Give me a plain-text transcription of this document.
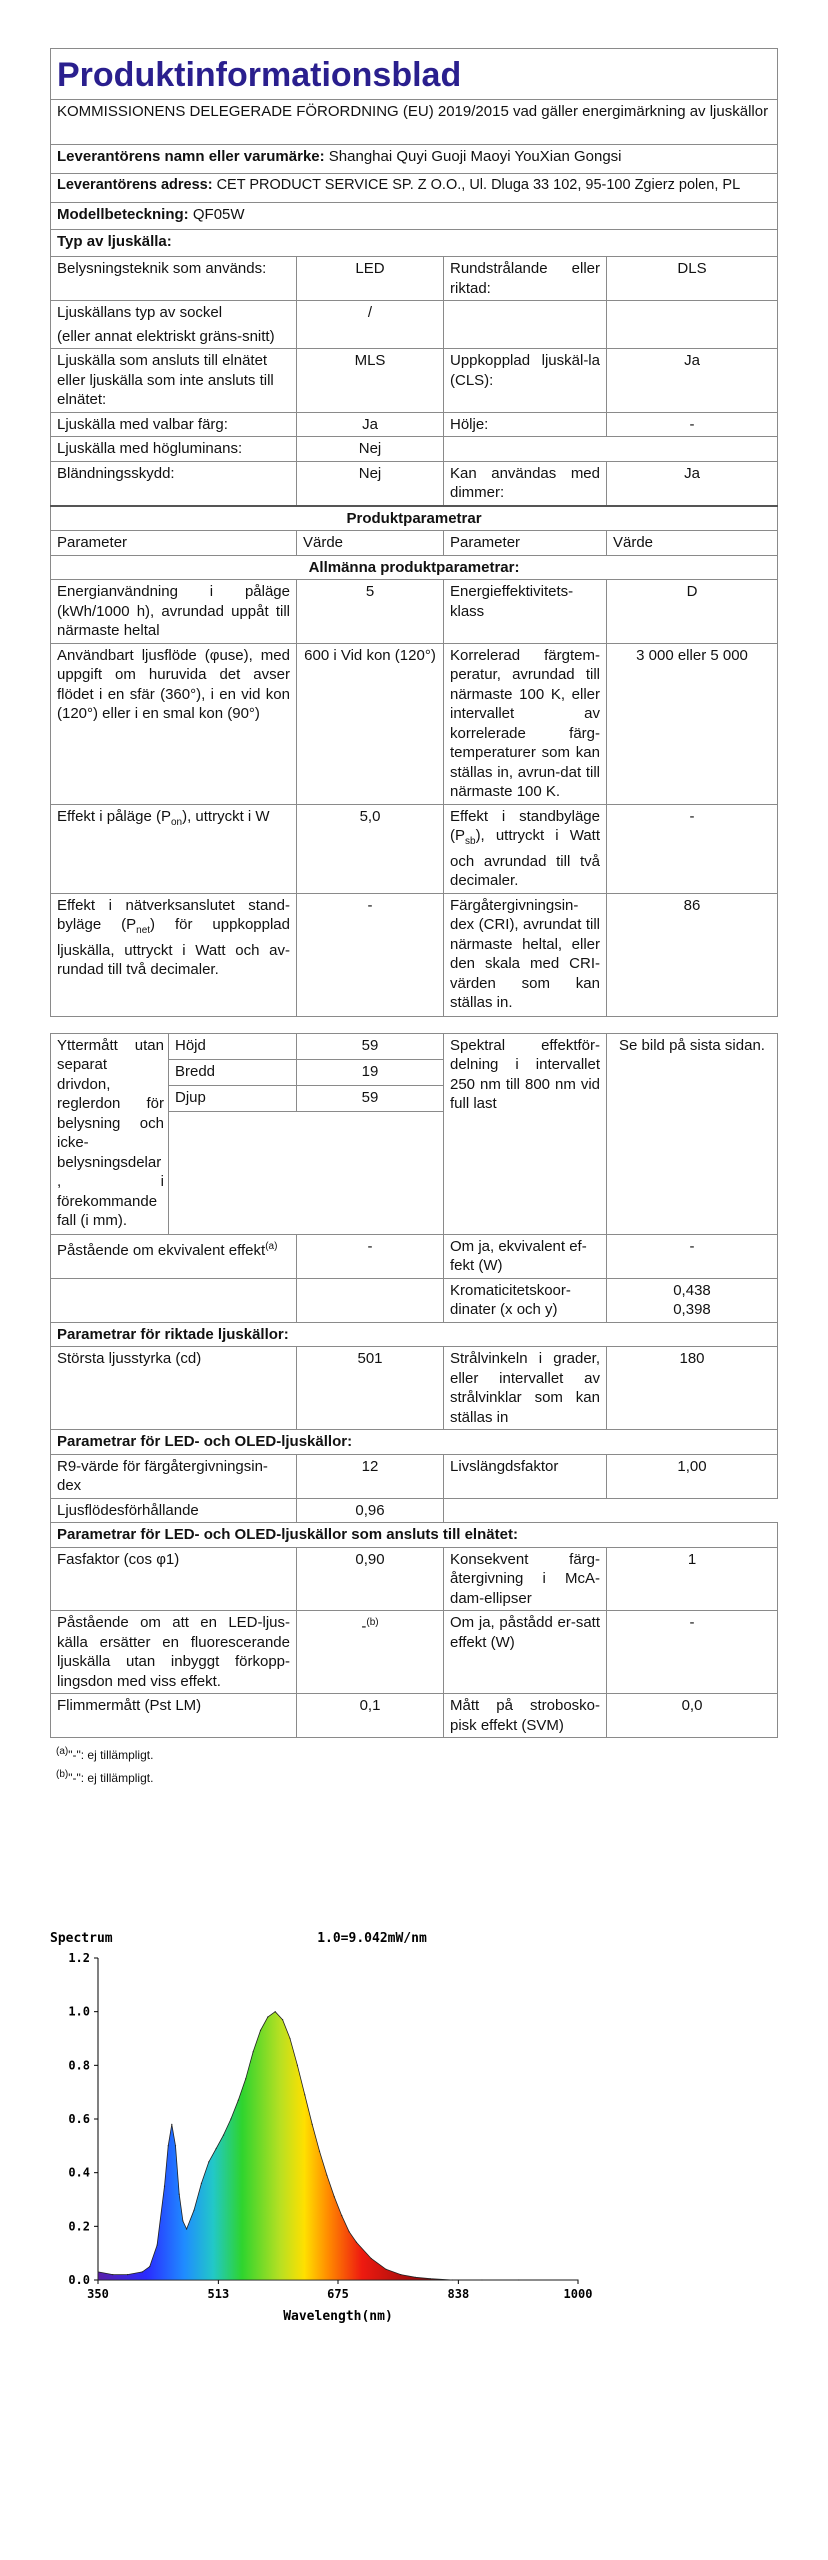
Produktinformationsblad			
KOMMISSIONENS DELEGERADE FÖRORDNING (EU) 2019/2015 vad gäller energimärkning av ljuskällor			
Leverantörens namn eller varumärke: Shanghai Quyi Guoji Maoyi YouXian Gongsi			
Leverantörens adress: CET PRODUCT SERVICE SP. Z O.O., Ul. Dluga 33 102, 95-100 Zgierz polen, PL			
Modellbeteckning: QF05W			
Typ av ljuskälla:			
Belysningsteknik som används:	LED	Rundstrålande eller riktad:	DLS

Ljuskällans typ av sockel
(eller annat elektriskt gräns-snitt)	/		
Ljuskälla som ansluts till elnätet eller ljuskälla som inte ansluts till elnätet:	MLS	Uppkopplad ljuskäl-la (CLS):	Ja
Ljuskälla med valbar färg:	Ja	Hölje:	-
Ljuskälla med högluminans:	Nej		
Bländningsskydd:	Nej	Kan användas med dimmer:	Ja
Produktparametrar			
Parameter	Värde	Parameter	Värde
Allmänna produktparametrar:			
Energianvändning i påläge (kWh/1000 h), avrundad uppåt till närmaste heltal	5	Energieffektivitets-klass	D
Användbart ljusflöde (φuse), med uppgift om huruvida det avser flödet i en sfär (360°), i en vid kon (120°) eller i en smal kon (90°)	600 i Vid kon (120°)	Korrelerad färgtem-peratur, avrundad till närmaste 100 K, eller intervallet av korrelerade färg-temperaturer som kan ställas in, avrun-dat till närmaste 100 K.	3 000 eller 5 000
Effekt i påläge $(P_{on})$, uttryckt i W	5,0	Effekt i standbyläge $(P_{sb})$, uttryckt i Watt och avrundad till två decimaler.	-
Effekt i nätverksanslutet stand-byläge $(P_{net})$ för uppkopplad ljuskälla, uttryckt i Watt och av-rundad till två decimaler.	-	Färgåtergivningsin-dex (CRI), avrundat till närmaste heltal, eller den skala med CRI-värden som kan ställas in.	86
Yttermått utan separat drivdon, reglerdon för belysning och icke-belysningsdelar, i förekommande fall (i mm).	Höjd	59	Spektral effektför-delning i intervallet 250 nm till 800 nm vid full last	Se bild på sista sidan.
	Bredd	19		
	Djup	59		

Påstående om ekvivalent effekt$^{(a)}$		-	Om ja, ekvivalent ef-fekt (W)	-
			Kromaticitetskoor-dinater (x och y)	0,438
0,398

Parametrar för riktade ljuskällor:				
Största ljusstyrka (cd)		501	Strålvinkeln i grader, eller intervallet av strålvinklar som kan ställas in	180
Parametrar för LED- och OLED-ljuskällor:				
R9-värde för färgåtergivningsin-dex		12	Livslängdsfaktor	1,00
Ljusflödesförhållande		0,96		
Parametrar för LED- och OLED-ljuskällor som ansluts till elnätet:				
Fasfaktor (cos φ1)		0,90	Konsekvent färg-återgivning i McA-dam-ellipser	1
Påstående om att en LED-ljus-källa ersätter en fluorescerande ljuskälla utan inbyggt förkopp-lingsdon med viss effekt.		-$^{(b)}$	Om ja, påstådd er-satt effekt (W)	-
Flimmermått (Pst LM)		0,1	Mått på strobosko-pisk effekt (SVM)	0,0
$^{(a)}$"-": ej tillämpligt.
$^{(b)}$"-": ej tillämpligt.
Spectrum	1.0=9.042mW/nm
0.0
0.2
0.4
0.6
0.8
1.0
1.2
350	513	675	838	1000
Wavelength(nm)
